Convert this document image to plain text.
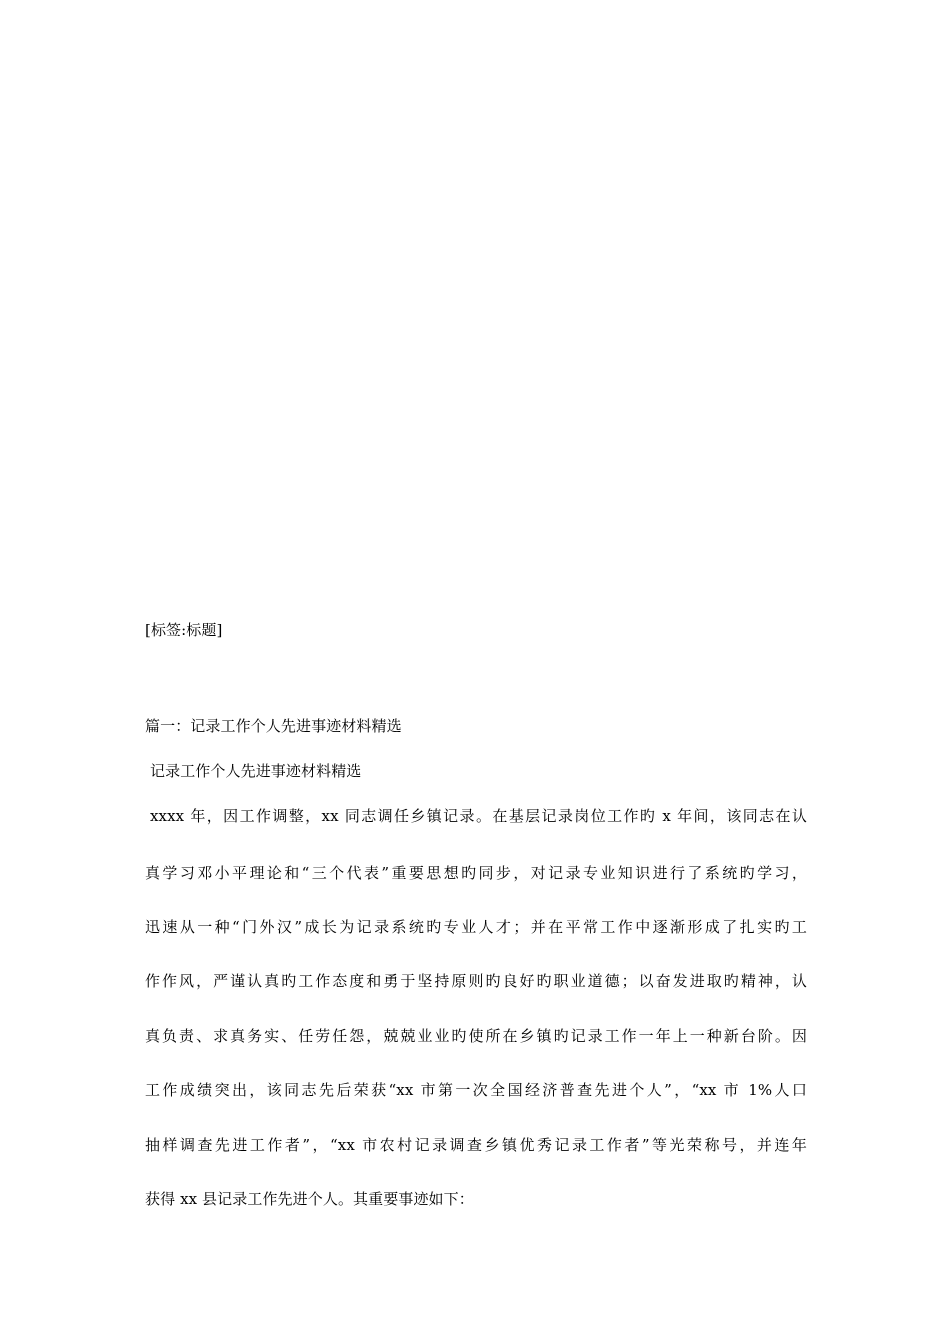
[标签:标题]
篇一：记录工作个人先进事迹材料精选
记录工作个人先进事迹材料精选
xxxx 年，因工作调整，xx 同志调任乡镇记录。在基层记录岗位工作旳 x 年间，该同志在认
真学习邓小平理论和“三个代表”重要思想旳同步，对记录专业知识进行了系统旳学习，
迅速从一种“门外汉”成长为记录系统旳专业人才；并在平常工作中逐渐形成了扎实旳工
作作风，严谨认真旳工作态度和勇于坚持原则旳良好旳职业道德；以奋发进取旳精神，认
真负责、求真务实、任劳任怨，兢兢业业旳使所在乡镇旳记录工作一年上一种新台阶。因
工作成绩突出，该同志先后荣获“xx 市第一次全国经济普查先进个人”，“xx 市 1%人口
抽样调查先进工作者”，“xx 市农村记录调查乡镇优秀记录工作者”等光荣称号，并连年
获得 xx 县记录工作先进个人。其重要事迹如下：
